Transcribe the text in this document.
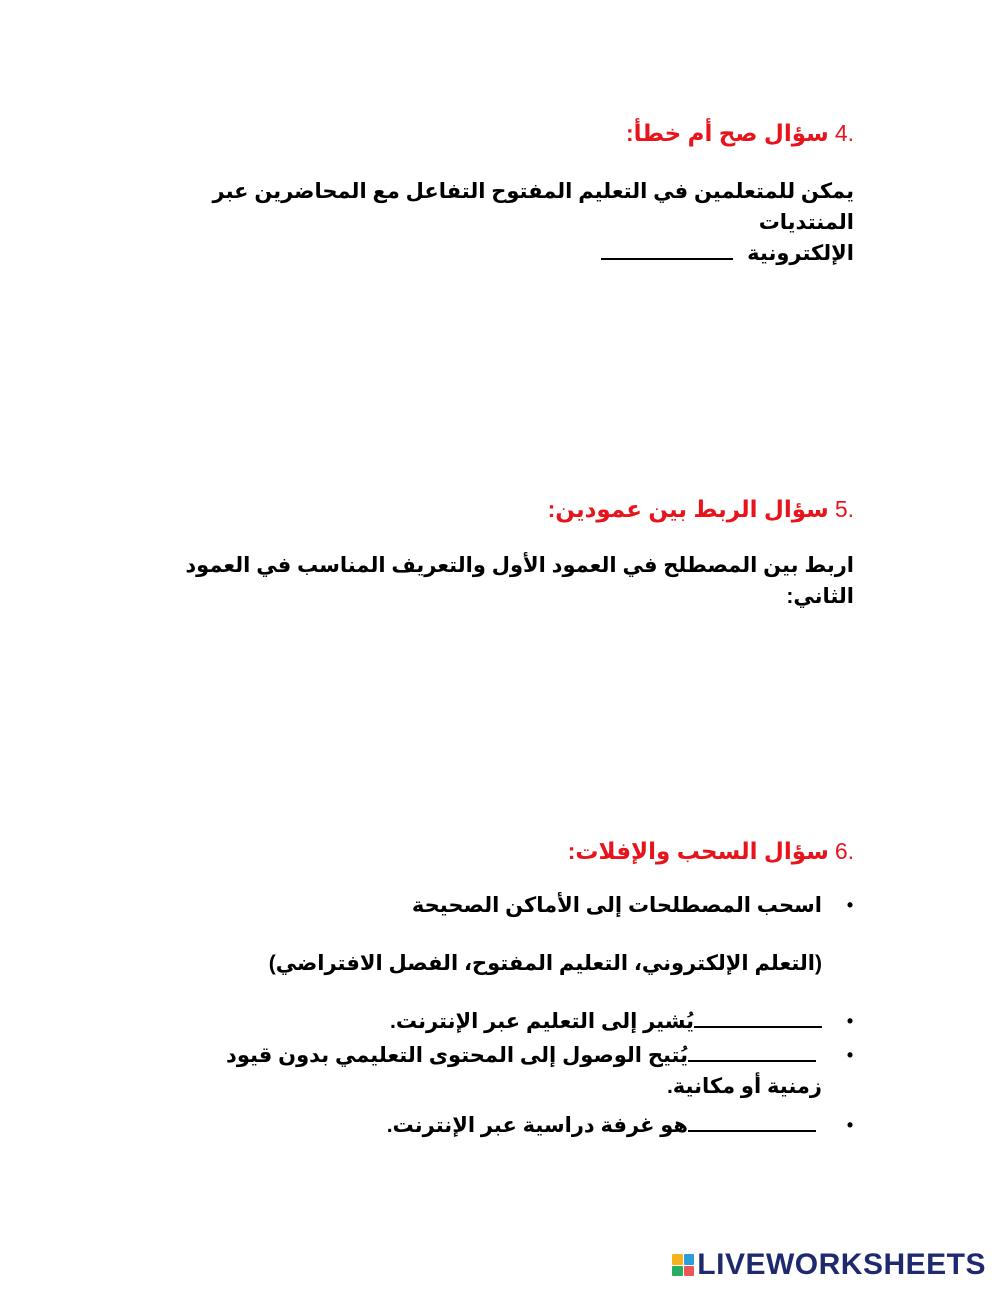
4.سؤال صح أم خطأ:
يمكن للمتعلمين في التعليم المفتوح التفاعل مع المحاضرين عبر المنتديات
الإلكترونية
5.سؤال الربط بين عمودين:
اربط بين المصطلح في العمود الأول والتعريف المناسب في العمود الثاني:
6.سؤال السحب والإفلات:
•
اسحب المصطلحات إلى الأماكن الصحيحة
(التعلم الإلكتروني، التعليم المفتوح، الفصل الافتراضي)
•
يُشير إلى التعليم عبر الإنترنت.
•
يُتيح الوصول إلى المحتوى التعليمي بدون قيود زمنية أو مكانية.
•
هو غرفة دراسية عبر الإنترنت.
LIVEWORKSHEETS
